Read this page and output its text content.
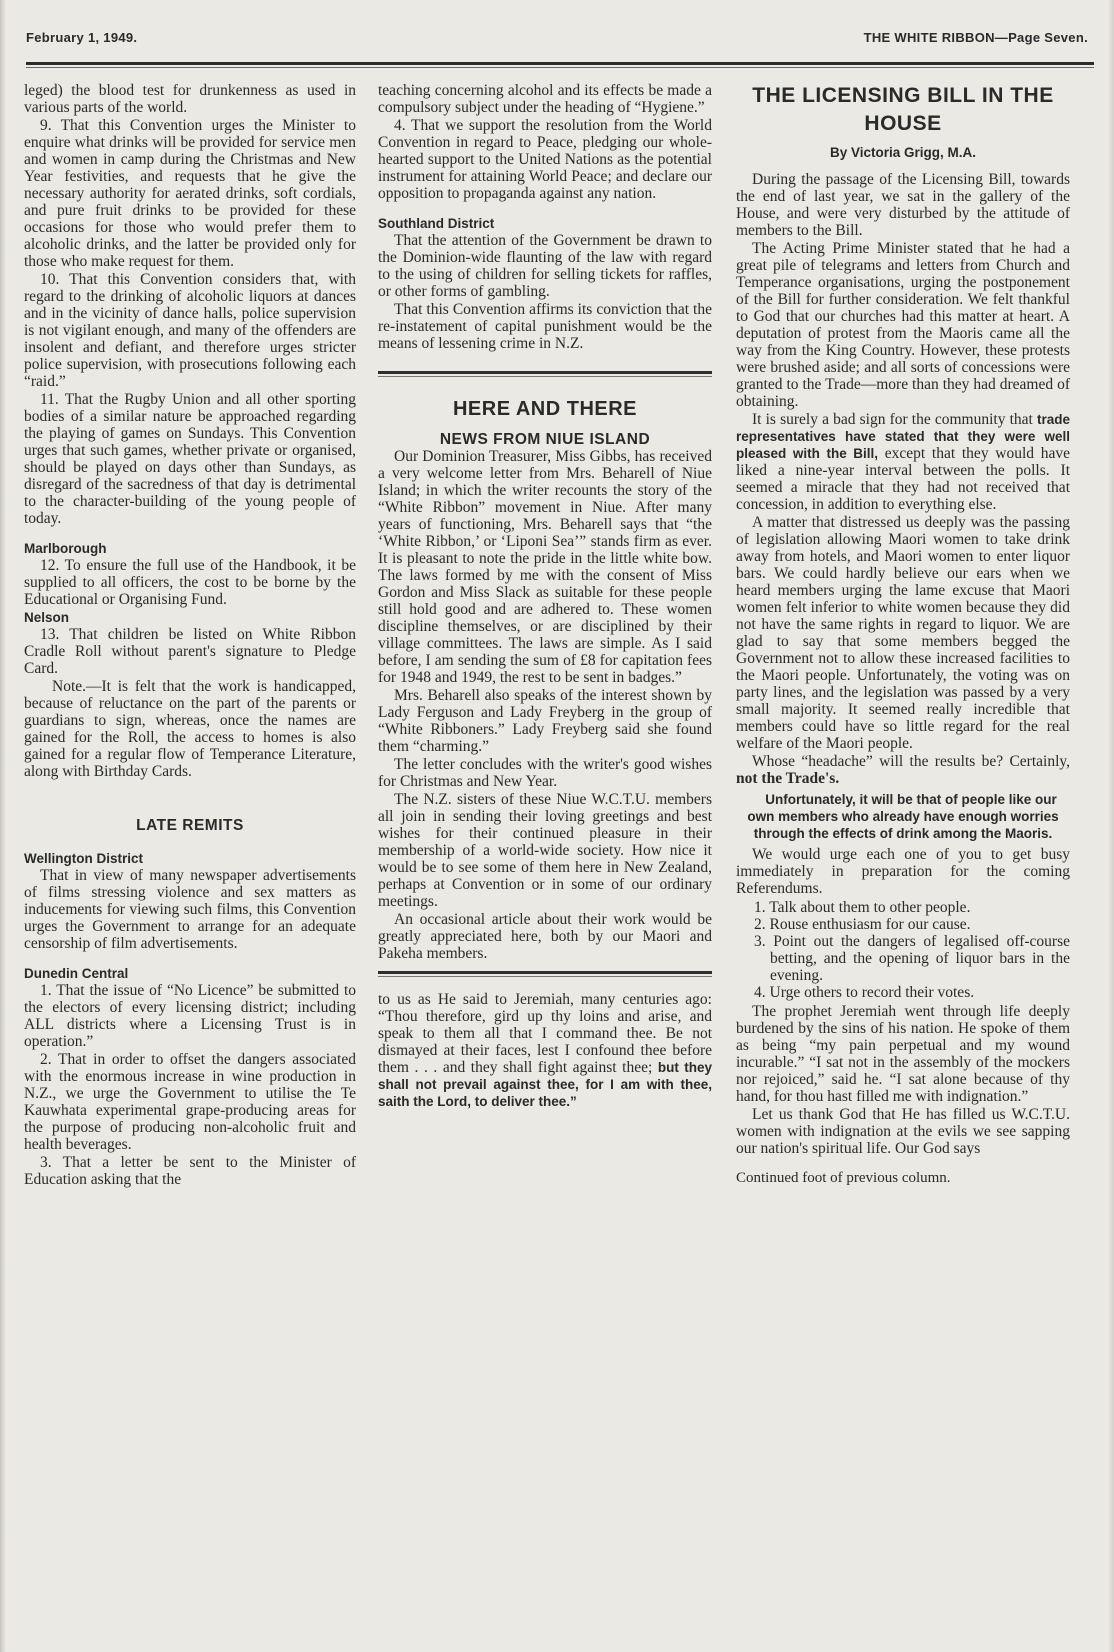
February 1, 1949.	THE WHITE RIBBON—Page Seven.

leged) the blood test for drunkenness as used in various parts of the world.

9. That this Convention urges the Minister to enquire what drinks will be provided for service men and women in camp during the Christmas and New Year festivities, and requests that he give the necessary authority for aerated drinks, soft cordials, and pure fruit drinks to be provided for these occasions for those who would prefer them to alcoholic drinks, and the latter be provided only for those who make request for them.

10. That this Convention considers that, with regard to the drinking of alcoholic liquors at dances and in the vicinity of dance halls, police supervision is not vigilant enough, and many of the offenders are insolent and defiant, and therefore urges stricter police supervision, with prosecutions following each “raid.”

11. That the Rugby Union and all other sporting bodies of a similar nature be approached regarding the playing of games on Sundays. This Convention urges that such games, whether private or organised, should be played on days other than Sundays, as disregard of the sacredness of that day is detrimental to the character-building of the young people of today.

Marlborough

12. To ensure the full use of the Handbook, it be supplied to all officers, the cost to be borne by the Educational or Organising Fund.

Nelson

13. That children be listed on White Ribbon Cradle Roll without parent's signature to Pledge Card.

Note.—It is felt that the work is handicapped, because of reluctance on the part of the parents or guardians to sign, whereas, once the names are gained for the Roll, the access to homes is also gained for a regular flow of Temperance Literature, along with Birthday Cards.

LATE REMITS
Wellington District

That in view of many newspaper advertisements of films stressing violence and sex matters as inducements for viewing such films, this Convention urges the Government to arrange for an adequate censorship of film advertisements.

Dunedin Central

1. That the issue of “No Licence” be submitted to the electors of every licensing district; including ALL districts where a Licensing Trust is in operation.”

2. That in order to offset the dangers associated with the enormous increase in wine production in N.Z., we urge the Government to utilise the Te Kauwhata experimental grape-producing areas for the purpose of producing non-alcoholic fruit and health beverages.

3. That a letter be sent to the Minister of Education asking that the

teaching concerning alcohol and its effects be made a compulsory subject under the heading of “Hygiene.”

4. That we support the resolution from the World Convention in regard to Peace, pledging our whole-hearted support to the United Nations as the potential instrument for attaining World Peace; and declare our opposition to propaganda against any nation.

Southland District

That the attention of the Government be drawn to the Dominion-wide flaunting of the law with regard to the using of children for selling tickets for raffles, or other forms of gambling.

That this Convention affirms its conviction that the re-instatement of capital punishment would be the means of lessening crime in N.Z.

HERE AND THERE
NEWS FROM NIUE ISLAND

Our Dominion Treasurer, Miss Gibbs, has received a very welcome letter from Mrs. Beharell of Niue Island; in which the writer recounts the story of the “White Ribbon” movement in Niue. After many years of functioning, Mrs. Beharell says that “the ‘White Ribbon,’ or ‘Liponi Sea’” stands firm as ever. It is pleasant to note the pride in the little white bow. The laws formed by me with the consent of Miss Gordon and Miss Slack as suitable for these people still hold good and are adhered to. These women discipline themselves, or are disciplined by their village committees. The laws are simple. As I said before, I am sending the sum of £8 for capitation fees for 1948 and 1949, the rest to be sent in badges.”

Mrs. Beharell also speaks of the interest shown by Lady Ferguson and Lady Freyberg in the group of “White Ribboners.” Lady Freyberg said she found them “charming.”

The letter concludes with the writer's good wishes for Christmas and New Year.

The N.Z. sisters of these Niue W.C.T.U. members all join in sending their loving greetings and best wishes for their continued pleasure in their membership of a world-wide society. How nice it would be to see some of them here in New Zealand, perhaps at Convention or in some of our ordinary meetings.

An occasional article about their work would be greatly appreciated here, both by our Maori and Pakeha members.

to us as He said to Jeremiah, many centuries ago: “Thou therefore, gird up thy loins and arise, and speak to them all that I command thee. Be not dismayed at their faces, lest I confound thee before them . . . and they shall fight against thee; but they shall not prevail against thee, for I am with thee, saith the Lord, to deliver thee.”

THE LICENSING BILL IN THE HOUSE
By Victoria Grigg, M.A.

During the passage of the Licensing Bill, towards the end of last year, we sat in the gallery of the House, and were very disturbed by the attitude of members to the Bill.

The Acting Prime Minister stated that he had a great pile of telegrams and letters from Church and Temperance organisations, urging the postponement of the Bill for further consideration. We felt thankful to God that our churches had this matter at heart. A deputation of protest from the Maoris came all the way from the King Country. However, these protests were brushed aside; and all sorts of concessions were granted to the Trade—more than they had dreamed of obtaining.

It is surely a bad sign for the community that trade representatives have stated that they were well pleased with the Bill, except that they would have liked a nine-year interval between the polls. It seemed a miracle that they had not received that concession, in addition to everything else.

A matter that distressed us deeply was the passing of legislation allowing Maori women to take drink away from hotels, and Maori women to enter liquor bars. We could hardly believe our ears when we heard members urging the lame excuse that Maori women felt inferior to white women because they did not have the same rights in regard to liquor. We are glad to say that some members begged the Government not to allow these increased facilities to the Maori people. Unfortunately, the voting was on party lines, and the legislation was passed by a very small majority. It seemed really incredible that members could have so little regard for the real welfare of the Maori people.

Whose “headache” will the results be? Certainly, not the Trade's.

Unfortunately, it will be that of people like our own members who already have enough worries through the effects of drink among the Maoris.

We would urge each one of you to get busy immediately in preparation for the coming Referendums.

1. Talk about them to other people.
2. Rouse enthusiasm for our cause.
3. Point out the dangers of legalised off-course betting, and the opening of liquor bars in the evening.
4. Urge others to record their votes.

The prophet Jeremiah went through life deeply burdened by the sins of his nation. He spoke of them as being “my pain perpetual and my wound incurable.” “I sat not in the assembly of the mockers nor rejoiced,” said he. “I sat alone because of thy hand, for thou hast filled me with indignation.”

Let us thank God that He has filled us W.C.T.U. women with indignation at the evils we see sapping our nation's spiritual life. Our God says

Continued foot of previous column.
